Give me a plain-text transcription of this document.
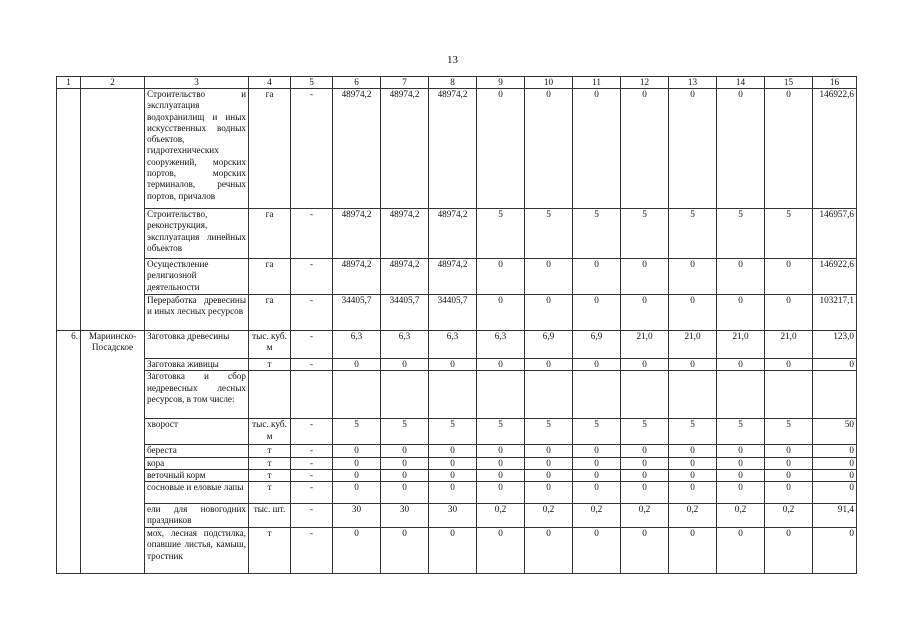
13
1	2	3	4	5	6	7	8	9	10	11	12	13	14	15	16
		Строительство и эксплуатация водохранилищ и иных искусственных водных объектов, гидротехнических сооружений, морских портов, морских терминалов, речных портов, причалов	га	-	48974,2	48974,2	48974,2	0	0	0	0	0	0	0	146922,6
		Строительство, реконструкция, эксплуатация линейных объектов	га	-	48974,2	48974,2	48974,2	5	5	5	5	5	5	5	146957,6
		Осуществление религиозной деятельности	га	-	48974,2	48974,2	48974,2	0	0	0	0	0	0	0	146922,6
		Переработка древесины и иных лесных ресурсов	га	-	34405,7	34405,7	34405,7	0	0	0	0	0	0	0	103217,1
6.	Мариинско-Посадское	Заготовка древесины	тыс. куб. м	-	6,3	6,3	6,3	6,3	6,9	6,9	21,0	21,0	21,0	21,0	123,0
		Заготовка живицы	т	-	0	0	0	0	0	0	0	0	0	0	0
		Заготовка и сбор недревесных лесных ресурсов, в том числе:													
		хворост	тыс. куб. м	-	5	5	5	5	5	5	5	5	5	5	50
		береста	т	-	0	0	0	0	0	0	0	0	0	0	0
		кора	т	-	0	0	0	0	0	0	0	0	0	0	0
		веточный корм	т	-	0	0	0	0	0	0	0	0	0	0	0
		сосновые и еловые лапы	т	-	0	0	0	0	0	0	0	0	0	0	0
		ели для новогодних праздников	тыс. шт.	-	30	30	30	0,2	0,2	0,2	0,2	0,2	0,2	0,2	91,4
		мох, лесная подстилка, опавшие листья, камыш, тростник	т	-	0	0	0	0	0	0	0	0	0	0	0
